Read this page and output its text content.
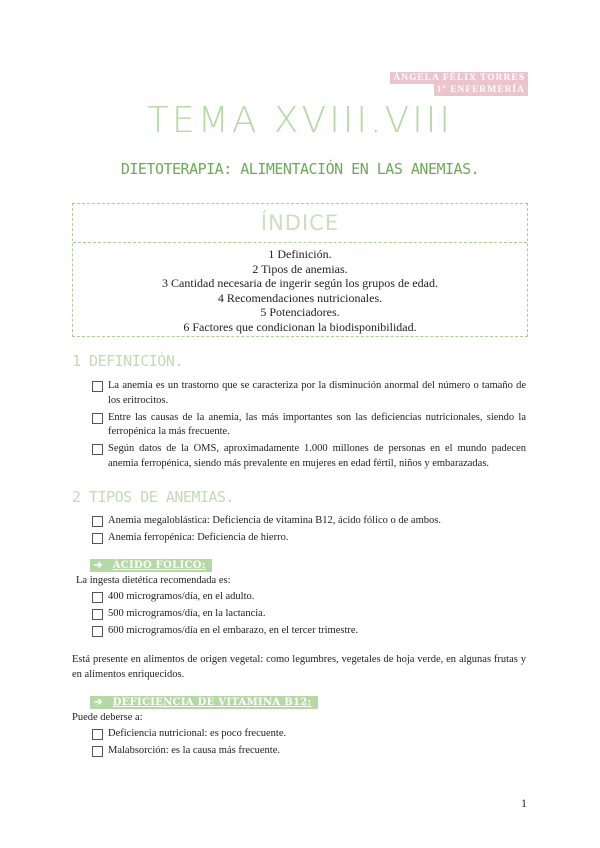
ÁNGELA FÉLIX TORRES
1º ENFERMERÍA
TEMA XVIII.VIII
DIETOTERAPIA: ALIMENTACIÓN EN LAS ANEMIAS.
ÍNDICE
1 Definición.
2 Tipos de anemias.
3 Cantidad necesaria de ingerir según los grupos de edad.
4 Recomendaciones nutricionales.
5 Potenciadores.
6 Factores que condicionan la biodisponibilidad.
1 DEFINICIÓN.
La anemia es un trastorno que se caracteriza por la disminución anormal del número o tamaño de los eritrocitos.
Entre las causas de la anemia, las más importantes son las deficiencias nutricionales, siendo la ferropénica la más frecuente.
Según datos de la OMS, aproximadamente 1.000 millones de personas en el mundo padecen anemia ferropénica, siendo más prevalente en mujeres en edad fértil, niños y embarazadas.
2 TIPOS DE ANEMIAS.
Anemia megaloblástica: Deficiencia de vitamina B12, ácido fólico o de ambos.
Anemia ferropénica: Deficiencia de hierro.
➔ ÁCIDO FÓLICO:
La ingesta dietética recomendada es:
400 microgramos/día, en el adulto.
500 microgramos/día, en la lactancia.
600 microgramos/día en el embarazo, en el tercer trimestre.
Está presente en alimentos de origen vegetal: como legumbres, vegetales de hoja verde, en algunas frutas y en alimentos enriquecidos.
➔ DEFICIENCIA DE VITAMINA B12:
Puede deberse a:
Deficiencia nutricional: es poco frecuente.
Malabsorción: es la causa más frecuente.
1
